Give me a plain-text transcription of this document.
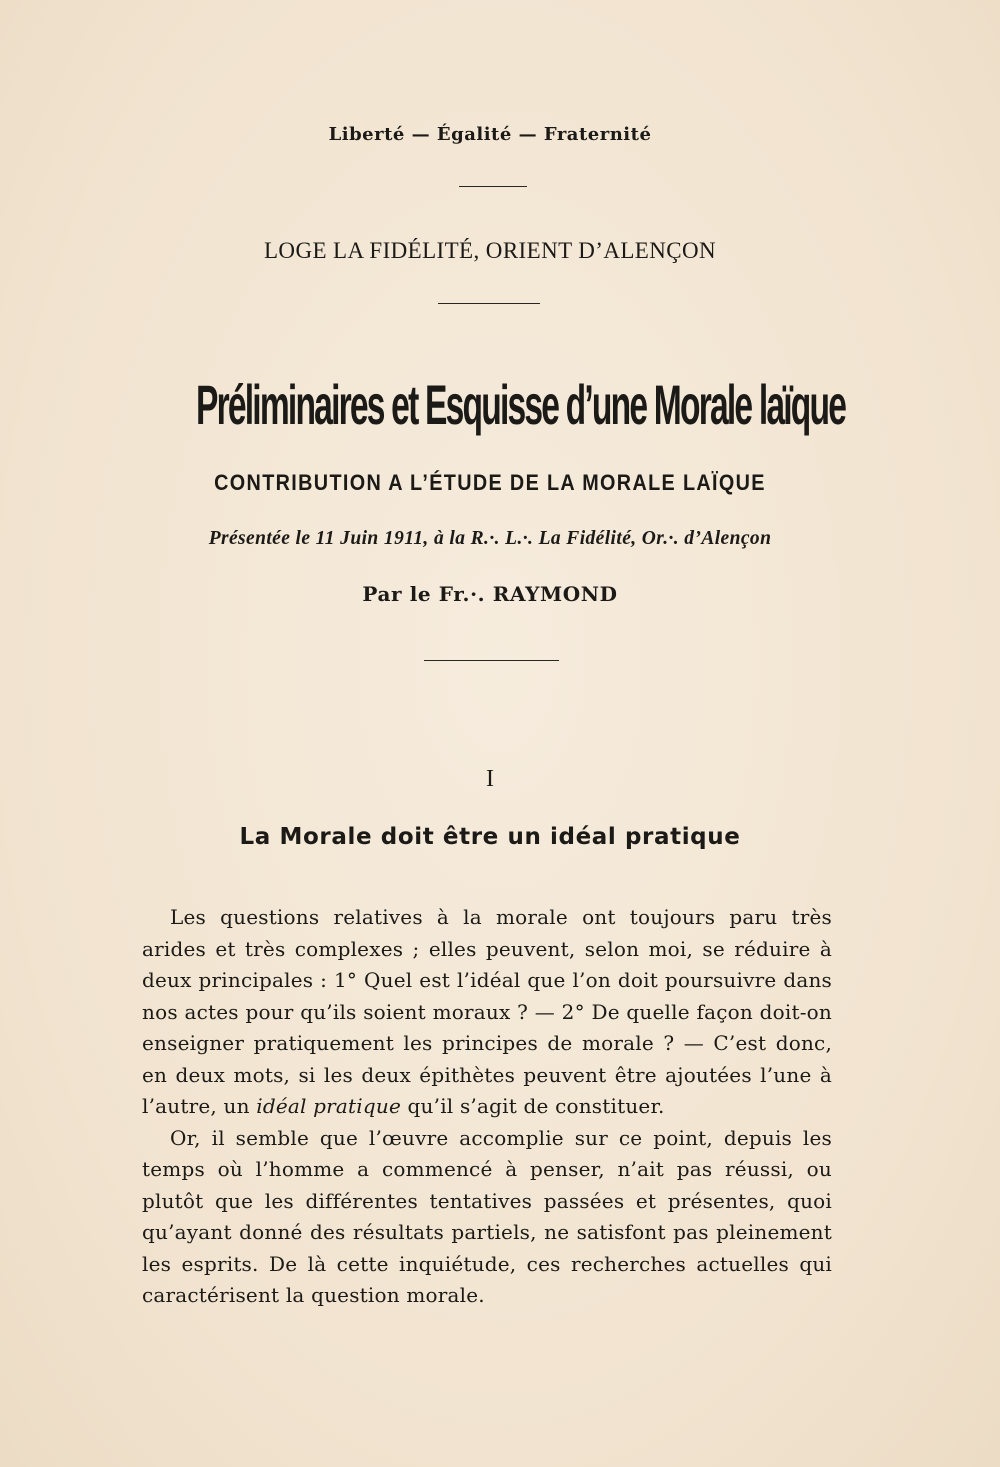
Liberté — Égalité — Fraternité
LOGE LA FIDÉLITÉ, ORIENT D’ALENÇON
Préliminaires et Esquisse d’une Morale laïque
CONTRIBUTION A L’ÉTUDE DE LA MORALE LAÏQUE
Présentée le 11 Juin 1911, à la R.·. L.·. La Fidélité, Or.·. d’Alençon
Par le Fr.·. RAYMOND
I
La Morale doit être un idéal pratique

Les questions relatives à la morale ont toujours paru très arides et très complexes ; elles peuvent, selon moi, se réduire à deux principales : 1° Quel est l’idéal que l’on doit poursuivre dans nos actes pour qu’ils soient moraux ? — 2° De quelle façon doit-on enseigner pratiquement les principes de morale ? — C’est donc, en deux mots, si les deux épithètes peuvent être ajoutées l’une à l’autre, un idéal pratique qu’il s’agit de constituer.

Or, il semble que l’œuvre accomplie sur ce point, depuis les temps où l’homme a commencé à penser, n’ait pas réussi, ou plutôt que les différentes tentatives passées et présentes, quoi qu’ayant donné des résultats partiels, ne satisfont pas pleinement les esprits. De là cette inquiétude, ces recherches actuelles qui caractérisent la question morale.
